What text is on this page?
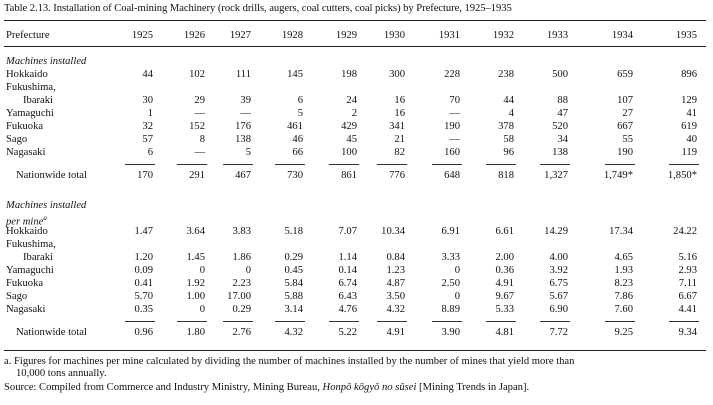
Table 2.13. Installation of Coal-mining Machinery (rock drills, augers, coal cutters, coal picks) by Prefecture, 1925–1935
Prefecture	1925	1926	1927	1928	1929	1930	1931	1932	1933	1934	1935
Machines installed
Hokkaido	44	102	111	145	198	300	228	238	500	659	896
Fukushima,
Ibaraki	30	29	39	6	24	16	70	44	88	107	129
Yamaguchi	1	—	—	5	2	16	—	4	47	27	41
Fukuoka	32	152	176	461	429	341	190	378	520	667	619
Sago	57	8	138	46	45	21	—	58	34	55	40
Nagasaki	6	—	5	66	100	82	160	96	138	190	119
Nationwide total	170	291	467	730	861	776	648	818	1,327	1,749*	1,850*
Machines installed
per mine$^a$
Hokkaido	1.47	3.64	3.83	5.18	7.07	10.34	6.91	6.61	14.29	17.34	24.22
Fukushima,
Ibaraki	1.20	1.45	1.86	0.29	1.14	0.84	3.33	2.00	4.00	4.65	5.16
Yamaguchi	0.09	0	0	0.45	0.14	1.23	0	0.36	3.92	1.93	2.93
Fukuoka	0.41	1.92	2.23	5.84	6.74	4.87	2.50	4.91	6.75	8.23	7.11
Sago	5.70	1.00	17.00	5.88	6.43	3.50	0	9.67	5.67	7.86	6.67
Nagasaki	0.35	0	0.29	3.14	4.76	4.32	8.89	5.33	6.90	7.60	4.41
Nationwide total	0.96	1.80	2.76	4.32	5.22	4.91	3.90	4.81	7.72	9.25	9.34
a. Figures for machines per mine calculated by dividing the number of machines installed by the number of mines that yield more than
10,000 tons annually.
Source: Compiled from Commerce and Industry Ministry, Mining Bureau, Honpō kōgyō no sūsei [Mining Trends in Japan].
